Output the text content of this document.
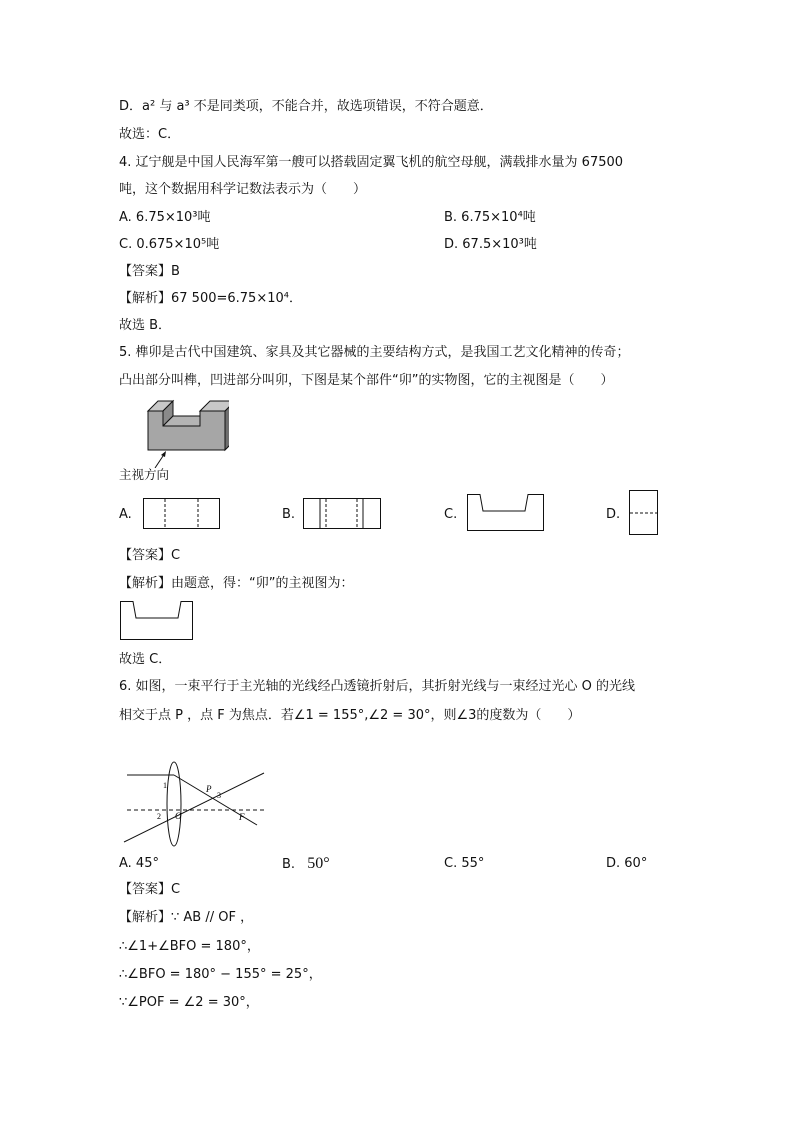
D．a² 与 a³ 不是同类项，不能合并，故选项错误，不符合题意．
故选：C．
4. 辽宁舰是中国人民海军第一艘可以搭载固定翼飞机的航空母舰，满载排水量为 67500
吨，这个数据用科学记数法表示为（　　）
A. 6.75×10³吨	B. 6.75×10⁴吨
C. 0.675×10⁵吨	D. 67.5×10³吨
【答案】B
【解析】67 500=6.75×10⁴．
故选 B．
5. 榫卯是古代中国建筑、家具及其它器械的主要结构方式，是我国工艺文化精神的传奇；
凸出部分叫榫，凹进部分叫卯，下图是某个部件“卯”的实物图，它的主视图是（　　）
主视方向
A.	B.	C.	D.
【答案】C
【解析】由题意，得：“卯”的主视图为：
故选 C．
6. 如图，一束平行于主光轴的光线经凸透镜折射后，其折射光线与一束经过光心 O 的光线
相交于点 P ，点 F 为焦点．若∠1 = 155°,∠2 = 30°，则∠3的度数为（　　）
1
2
3
P
O	F
A. 45°	B. 50°	C. 55°	D. 60°
【答案】C
【解析】∵ AB // OF ，
∴∠1+∠BFO = 180°，
∴∠BFO = 180° − 155° = 25°，
∵∠POF = ∠2 = 30°，
